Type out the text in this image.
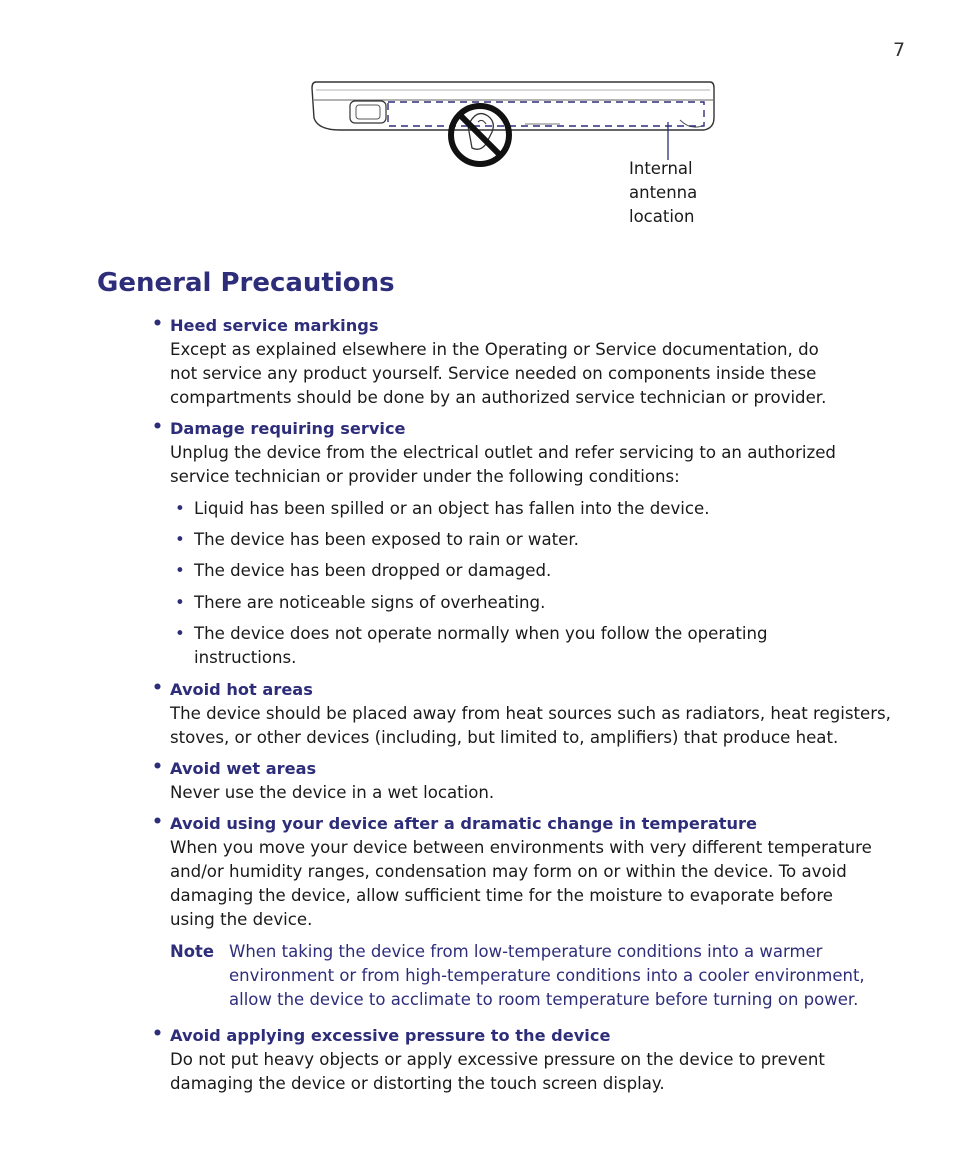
7
Internal
antenna
location
General Precautions
• Heed service markings
Except as explained elsewhere in the Operating or Service documentation, do
not service any product yourself. Service needed on components inside these
compartments should be done by an authorized service technician or provider.
• Damage requiring service
Unplug the device from the electrical outlet and refer servicing to an authorized
service technician or provider under the following conditions:
• Liquid has been spilled or an object has fallen into the device.
• The device has been exposed to rain or water.
• The device has been dropped or damaged.
• There are noticeable signs of overheating.
• The device does not operate normally when you follow the operating
instructions.
• Avoid hot areas
The device should be placed away from heat sources such as radiators, heat registers,
stoves, or other devices (including, but limited to, amplifiers) that produce heat.
• Avoid wet areas
Never use the device in a wet location.
• Avoid using your device after a dramatic change in temperature
When you move your device between environments with very different temperature
and/or humidity ranges, condensation may form on or within the device. To avoid
damaging the device, allow sufficient time for the moisture to evaporate before
using the device.
Note When taking the device from low-temperature conditions into a warmer
environment or from high-temperature conditions into a cooler environment,
allow the device to acclimate to room temperature before turning on power.
• Avoid applying excessive pressure to the device
Do not put heavy objects or apply excessive pressure on the device to prevent
damaging the device or distorting the touch screen display.
